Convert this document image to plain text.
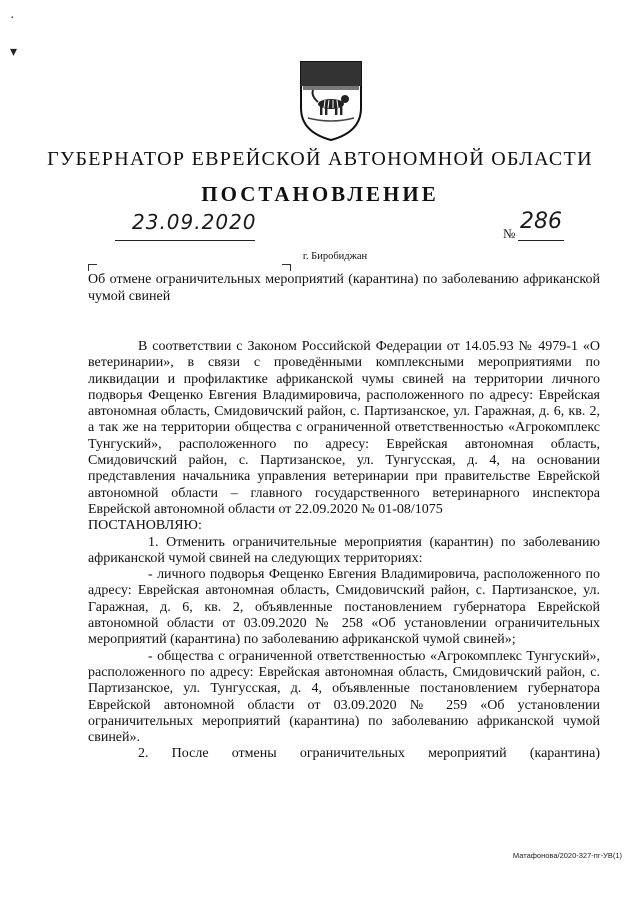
·
▾
ГУБЕРНАТОР ЕВРЕЙСКОЙ АВТОНОМНОЙ ОБЛАСТИ
ПОСТАНОВЛЕНИЕ
23.09.2020	№ 286
г. Биробиджан
Об отмене ограничительных мероприятий (карантина) по заболеванию африканской чумой свиней

В соответствии с Законом Российской Федерации от 14.05.93 № 4979-1 «О ветеринарии», в связи с проведёнными комплексными мероприятиями по ликвидации и профилактике африканской чумы свиней на территории личного подворья Фещенко Евгения Владимировича, расположенного по адресу: Еврейская автономная область, Смидовичский район, с. Партизанское, ул. Гаражная, д. 6, кв. 2, а так же на территории общества с ограниченной ответственностью «Агрокомплекс Тунгуский», расположенного по адресу: Еврейская автономная область, Смидовичский район, с. Партизанское, ул. Тунгусская, д. 4, на основании представления начальника управления ветеринарии при правительстве Еврейской автономной области – главного государственного ветеринарного инспектора Еврейской автономной области от 22.09.2020 № 01-08/1075

ПОСТАНОВЛЯЮ:

1. Отменить ограничительные мероприятия (карантин) по заболеванию африканской чумой свиней на следующих территориях:

- личного подворья Фещенко Евгения Владимировича, расположенного по адресу: Еврейская автономная область, Смидовичский район, с. Партизанское, ул. Гаражная, д. 6, кв. 2, объявленные постановлением губернатора Еврейской автономной области от 03.09.2020 № 258 «Об установлении ограничительных мероприятий (карантина) по заболеванию африканской чумой свиней»;

- общества с ограниченной ответственностью «Агрокомплекс Тунгуский», расположенного по адресу: Еврейская автономная область, Смидовичский район, с. Партизанское, ул. Тунгусская, д. 4, объявленные постановлением губернатора Еврейской автономной области от 03.09.2020 № 259 «Об установлении ограничительных мероприятий (карантина) по заболеванию африканской чумой свиней».

2. После отмены ограничительных мероприятий (карантина)

Матафонова/2020-327-пг-УВ(1)
